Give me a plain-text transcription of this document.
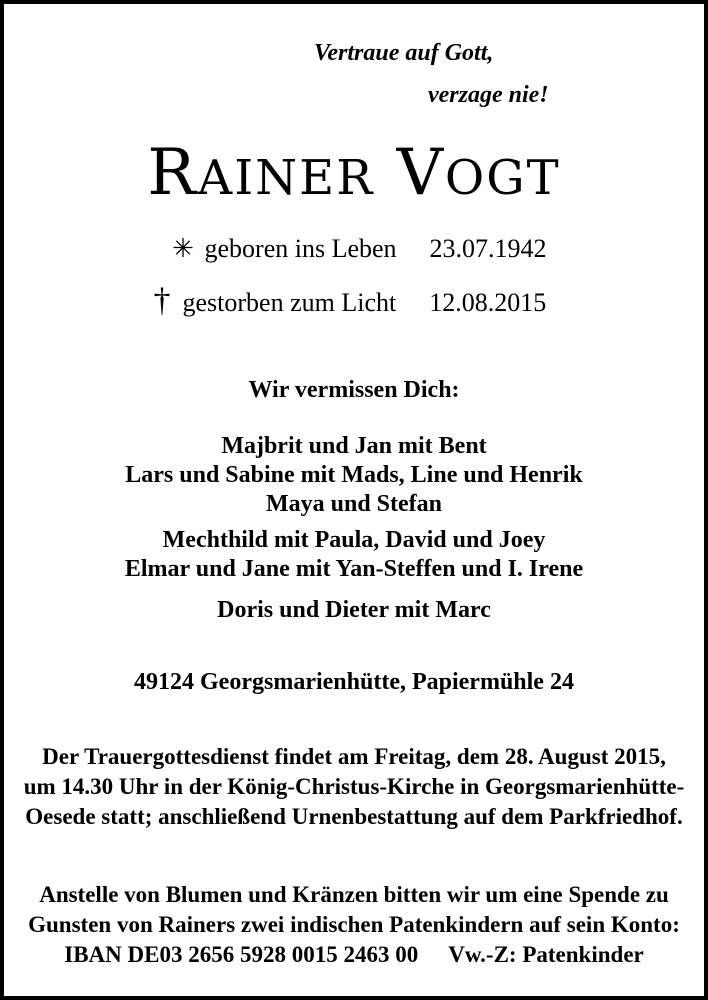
Vertraue auf Gott,
verzage nie!
RAINER VOGT
✳ geboren ins Leben 23.07.1942
† gestorben zum Licht 12.08.2015
Wir vermissen Dich:
Majbrit und Jan mit Bent
Lars und Sabine mit Mads, Line und Henrik
Maya und Stefan
Mechthild mit Paula, David und Joey
Elmar und Jane mit Yan-Steffen und I. Irene
Doris und Dieter mit Marc
49124 Georgsmarienhütte, Papiermühle 24
Der Trauergottesdienst findet am Freitag, dem 28. August 2015,
um 14.30 Uhr in der König-Christus-Kirche in Georgsmarienhütte-
Oesede statt; anschließend Urnenbestattung auf dem Parkfriedhof.
Anstelle von Blumen und Kränzen bitten wir um eine Spende zu
Gunsten von Rainers zwei indischen Patenkindern auf sein Konto:
IBAN DE03 2656 5928 0015 2463 00 Vw.-Z: Patenkinder
